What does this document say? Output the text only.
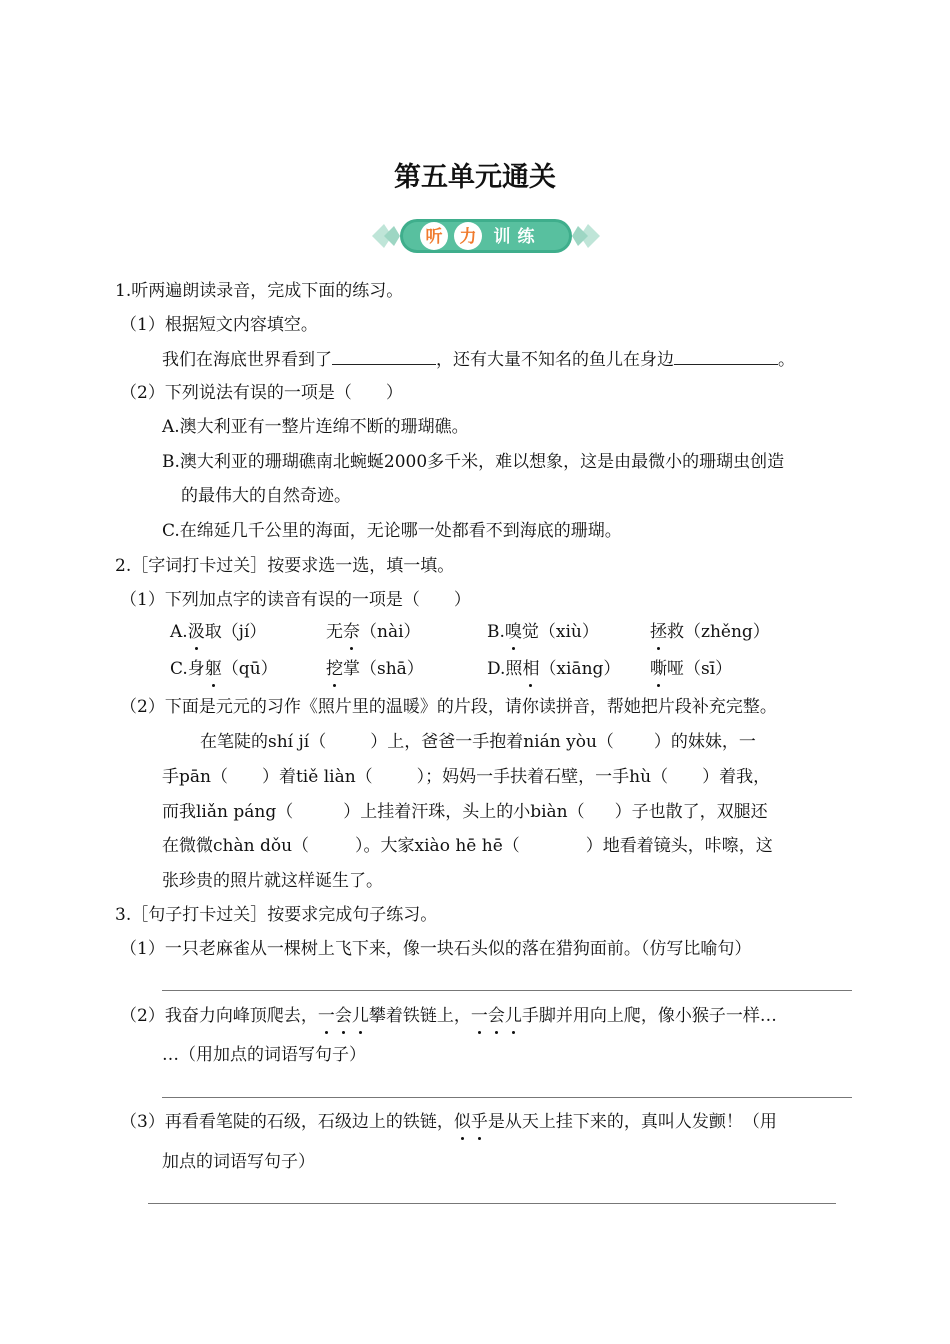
第五单元通关
听 力 训 练
1.听两遍朗读录音，完成下面的练习。
（1）根据短文内容填空。
我们在海底世界看到了	，还有大量不知名的鱼儿在身边	。
（2）下列说法有误的一项是（　　）
A.澳大利亚有一整片连绵不断的珊瑚礁。
B.澳大利亚的珊瑚礁南北蜿蜒2000多千米，难以想象，这是由最微小的珊瑚虫创造
的最伟大的自然奇迹。
C.在绵延几千公里的海面，无论哪一处都看不到海底的珊瑚。
2.［字词打卡过关］按要求选一选，填一填。
（1）下列加点字的读音有误的一项是（　　）
A.汲取（jí）	无奈（nài）	B.嗅觉（xiù）	拯救（zhěng）
C.身躯（qū）	挖掌（shā）	D.照相（xiāng） 嘶哑（sī）
（2）下面是元元的习作《照片里的温暖》的片段，请你读拼音，帮她把片段补充完整。
在笔陡的shí jí（	）上，爸爸一手抱着nián yòu（ ）的妹妹，一
手pān（ ）着tiě liàn（	）；妈妈一手扶着石壁，一手hù（ ）着我，
而我liǎn páng（	）上挂着汗珠，头上的小biàn（ ）子也散了，双腿还
在微微chàn dǒu（	）。大家xiào hē hē（	）地看着镜头，咔嚓，这
张珍贵的照片就这样诞生了。
3.［句子打卡过关］按要求完成句子练习。
（1）一只老麻雀从一棵树上飞下来，像一块石头似的落在猎狗面前。（仿写比喻句）
（2）我奋力向峰顶爬去，一会儿攀着铁链上，一会儿手脚并用向上爬，像小猴子一样…
…（用加点的词语写句子）
（3）再看看笔陡的石级，石级边上的铁链，似乎是从天上挂下来的，真叫人发颤！（用
加点的词语写句子）
